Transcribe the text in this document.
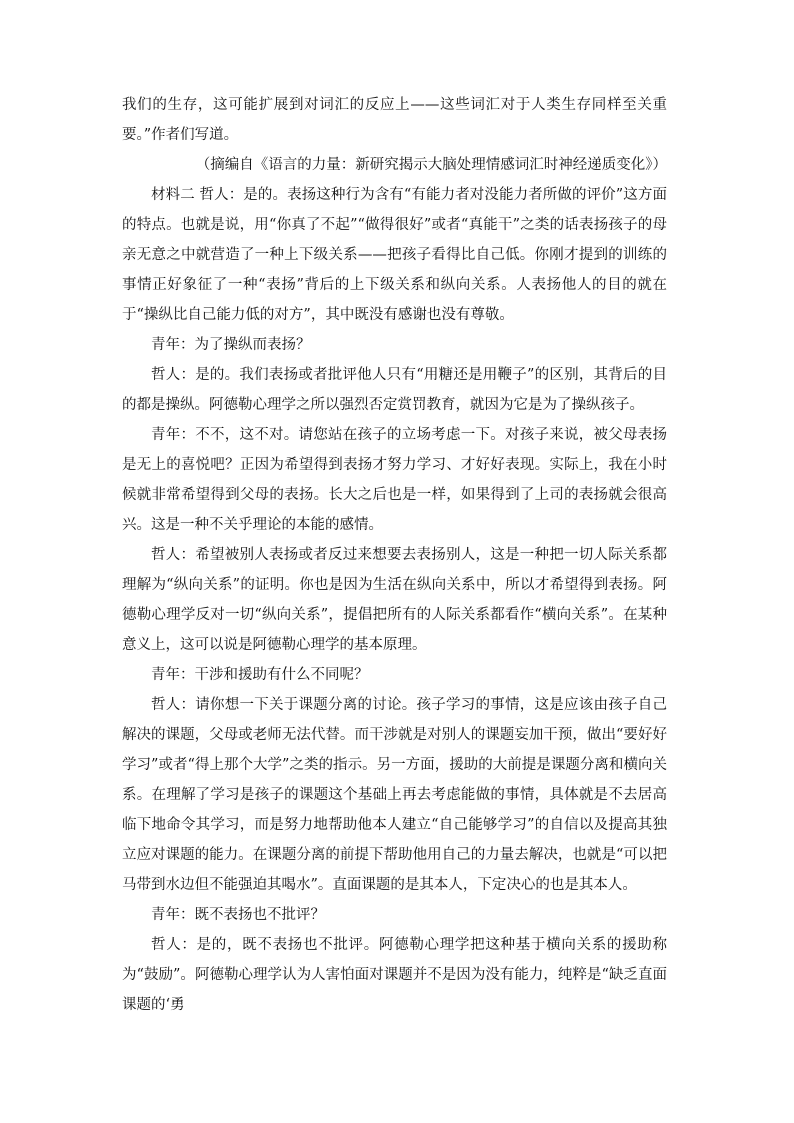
我们的生存，这可能扩展到对词汇的反应上——这些词汇对于人类生存同样至关重要。”作者们写道。

（摘编自《语言的力量：新研究揭示大脑处理情感词汇时神经递质变化》）

材料二 哲人：是的。表扬这种行为含有“有能力者对没能力者所做的评价”这方面的特点。也就是说，用“你真了不起”“做得很好”或者“真能干”之类的话表扬孩子的母亲无意之中就营造了一种上下级关系——把孩子看得比自己低。你刚才提到的训练的事情正好象征了一种“表扬”背后的上下级关系和纵向关系。人表扬他人的目的就在于“操纵比自己能力低的对方”，其中既没有感谢也没有尊敬。

青年：为了操纵而表扬？

哲人：是的。我们表扬或者批评他人只有“用糖还是用鞭子”的区别，其背后的目的都是操纵。阿德勒心理学之所以强烈否定赏罚教育，就因为它是为了操纵孩子。

青年：不不，这不对。请您站在孩子的立场考虑一下。对孩子来说，被父母表扬是无上的喜悦吧？正因为希望得到表扬才努力学习、才好好表现。实际上，我在小时候就非常希望得到父母的表扬。长大之后也是一样，如果得到了上司的表扬就会很高兴。这是一种不关乎理论的本能的感情。

哲人：希望被别人表扬或者反过来想要去表扬别人，这是一种把一切人际关系都理解为“纵向关系”的证明。你也是因为生活在纵向关系中，所以才希望得到表扬。阿德勒心理学反对一切“纵向关系”，提倡把所有的人际关系都看作“横向关系”。在某种意义上，这可以说是阿德勒心理学的基本原理。

青年：干涉和援助有什么不同呢？

哲人：请你想一下关于课题分离的讨论。孩子学习的事情，这是应该由孩子自己解决的课题，父母或老师无法代替。而干涉就是对别人的课题妄加干预，做出“要好好学习”或者“得上那个大学”之类的指示。另一方面，援助的大前提是课题分离和横向关系。在理解了学习是孩子的课题这个基础上再去考虑能做的事情，具体就是不去居高临下地命令其学习，而是努力地帮助他本人建立“自己能够学习”的自信以及提高其独立应对课题的能力。在课题分离的前提下帮助他用自己的力量去解决，也就是“可以把马带到水边但不能强迫其喝水”。直面课题的是其本人，下定决心的也是其本人。

青年：既不表扬也不批评？

哲人：是的，既不表扬也不批评。阿德勒心理学把这种基于横向关系的援助称为“鼓励”。阿德勒心理学认为人害怕面对课题并不是因为没有能力，纯粹是“缺乏直面课题的‘勇
